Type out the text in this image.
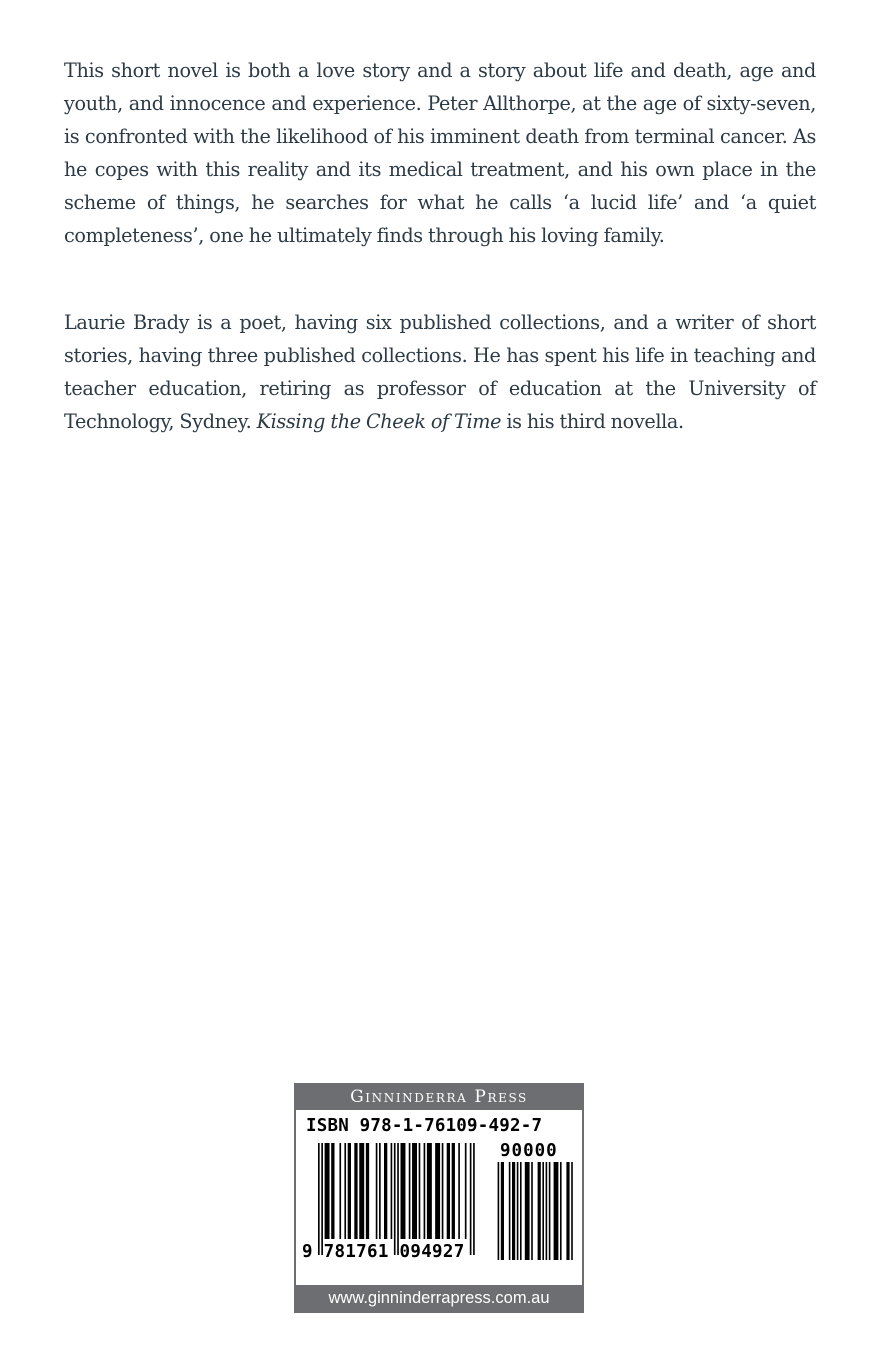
This short novel is both a love story and a story about life and death, age and youth, and innocence and experience. Peter Allthorpe, at the age of sixty-seven, is confronted with the likelihood of his imminent death from terminal cancer. As he copes with this reality and its medical treatment, and his own place in the scheme of things, he searches for what he calls ‘a lucid life’ and ‘a quiet completeness’, one he ultimately finds through his loving family.

Laurie Brady is a poet, having six published collections, and a writer of short stories, having three published collections. He has spent his life in teaching and teacher education, retiring as professor of education at the University of Technology, Sydney. Kissing the Cheek of Time is his third novella.

Ginninderra Press
ISBN 978-1-76109-492-7
90000
9 781761 094927
www.ginninderrapress.com.au
